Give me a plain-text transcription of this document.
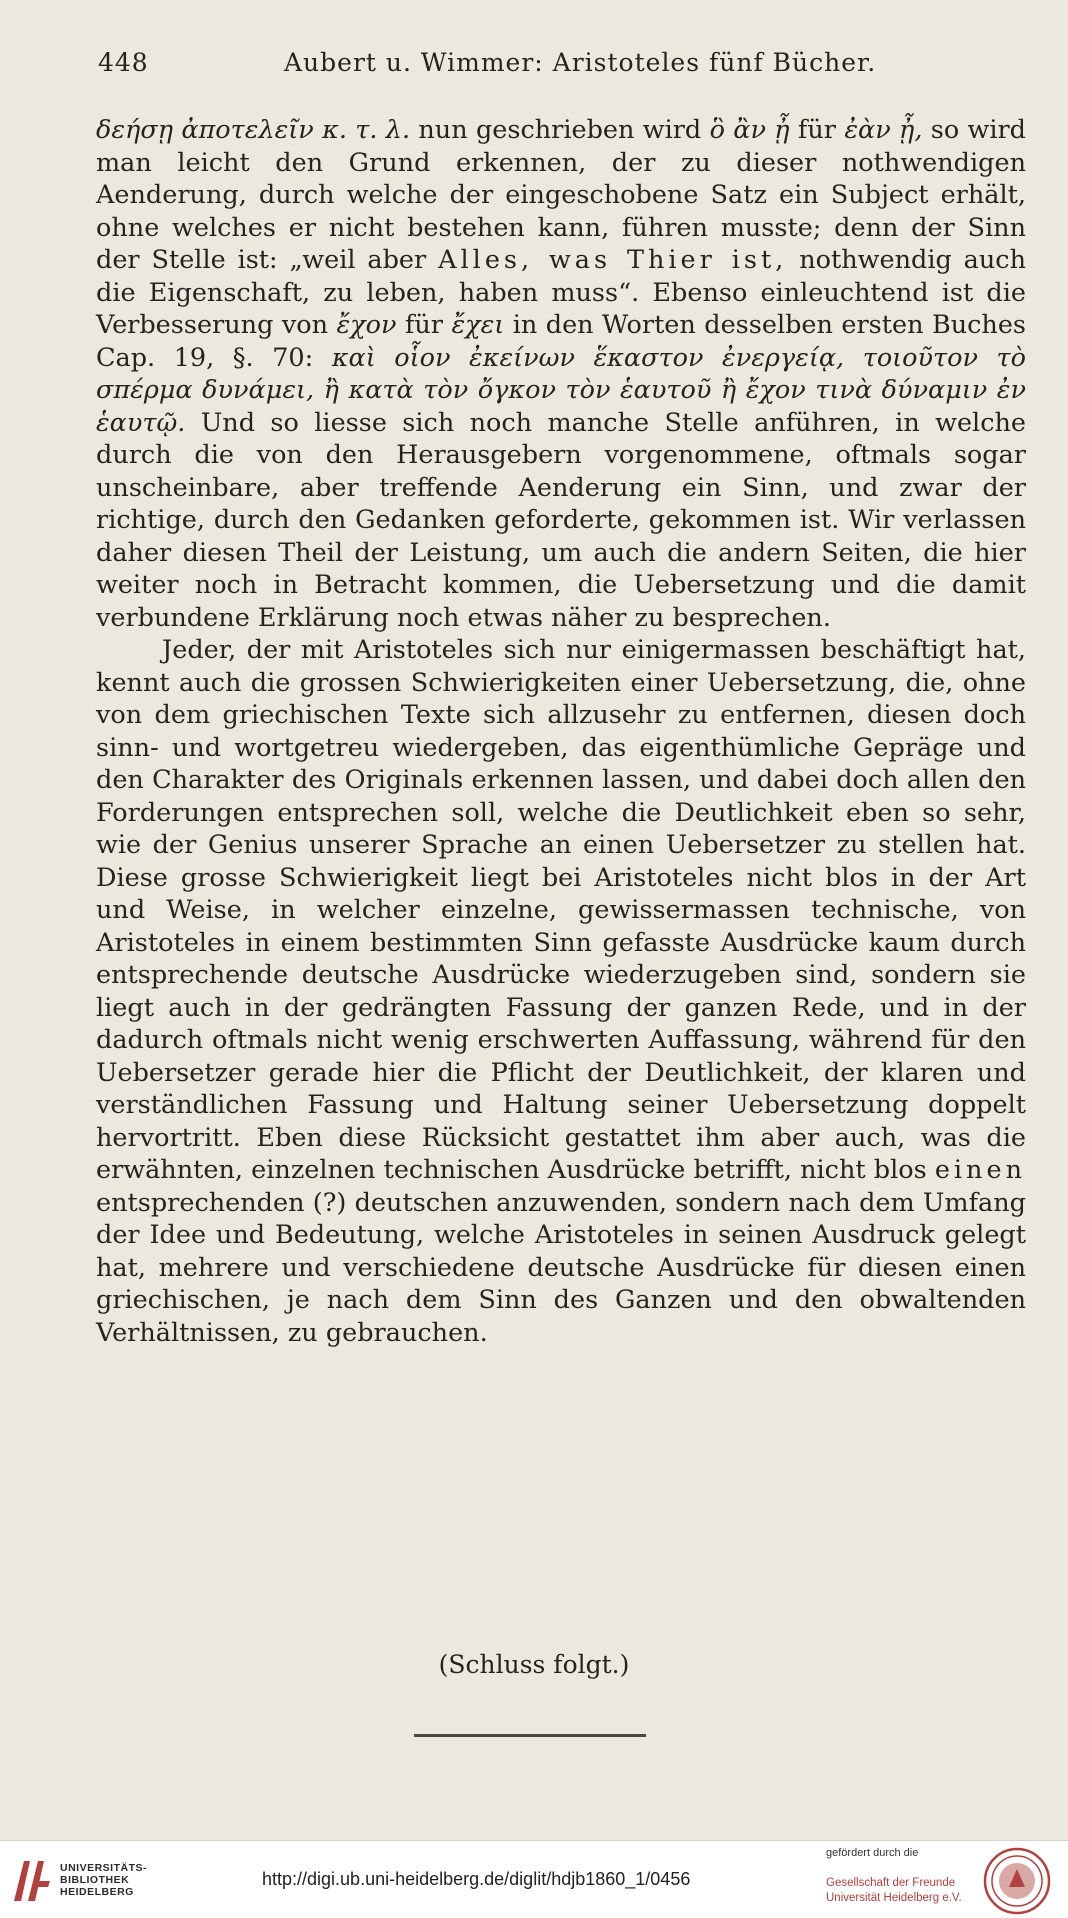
448	Aubert u. Wimmer: Aristoteles fünf Bücher.

δεήσῃ ἀποτελεῖν κ. τ. λ. nun geschrieben wird ὃ ἂν ᾖ für ἐὰν ᾖ, so wird man leicht den Grund erkennen, der zu dieser nothwendigen Aenderung, durch welche der eingeschobene Satz ein Subject erhält, ohne welches er nicht bestehen kann, führen musste; denn der Sinn der Stelle ist: „weil aber Alles, was Thier ist, nothwendig auch die Eigenschaft, zu leben, haben muss“. Ebenso einleuchtend ist die Verbesserung von ἔχον für ἔχει in den Worten desselben ersten Buches Cap. 19, §. 70: καὶ οἷον ἐκείνων ἕκαστον ἐνεργείᾳ, τοιοῦτον τὸ σπέρμα δυνάμει, ἢ κατὰ τὸν ὄγκον τὸν ἑαυτοῦ ἢ ἔχον τινὰ δύναμιν ἐν ἑαυτῷ. Und so liesse sich noch manche Stelle anführen, in welche durch die von den Herausgebern vorgenommene, oftmals sogar unscheinbare, aber treffende Aenderung ein Sinn, und zwar der richtige, durch den Gedanken geforderte, gekommen ist. Wir verlassen daher diesen Theil der Leistung, um auch die andern Seiten, die hier weiter noch in Betracht kommen, die Uebersetzung und die damit verbundene Erklärung noch etwas näher zu besprechen.

Jeder, der mit Aristoteles sich nur einigermassen beschäftigt hat, kennt auch die grossen Schwierigkeiten einer Uebersetzung, die, ohne von dem griechischen Texte sich allzusehr zu entfernen, diesen doch sinn- und wortgetreu wiedergeben, das eigenthümliche Gepräge und den Charakter des Originals erkennen lassen, und dabei doch allen den Forderungen entsprechen soll, welche die Deutlichkeit eben so sehr, wie der Genius unserer Sprache an einen Uebersetzer zu stellen hat. Diese grosse Schwierigkeit liegt bei Aristoteles nicht blos in der Art und Weise, in welcher einzelne, gewissermassen technische, von Aristoteles in einem bestimmten Sinn gefasste Ausdrücke kaum durch entsprechende deutsche Ausdrücke wiederzugeben sind, sondern sie liegt auch in der gedrängten Fassung der ganzen Rede, und in der dadurch oftmals nicht wenig erschwerten Auffassung, während für den Uebersetzer gerade hier die Pflicht der Deutlichkeit, der klaren und verständlichen Fassung und Haltung seiner Uebersetzung doppelt hervortritt. Eben diese Rücksicht gestattet ihm aber auch, was die erwähnten, einzelnen technischen Ausdrücke betrifft, nicht blos einen entsprechenden (?) deutschen anzuwenden, sondern nach dem Umfang der Idee und Bedeutung, welche Aristoteles in seinen Ausdruck gelegt hat, mehrere und verschiedene deutsche Ausdrücke für diesen einen griechischen, je nach dem Sinn des Ganzen und den obwaltenden Verhältnissen, zu gebrauchen.

(Schluss folgt.)
UNIVERSITÄTS-
BIBLIOTHEK
HEIDELBERG
http://digi.ub.uni-heidelberg.de/diglit/hdjb1860_1/0456
gefördert durch die
Gesellschaft der Freunde
Universität Heidelberg e.V.
